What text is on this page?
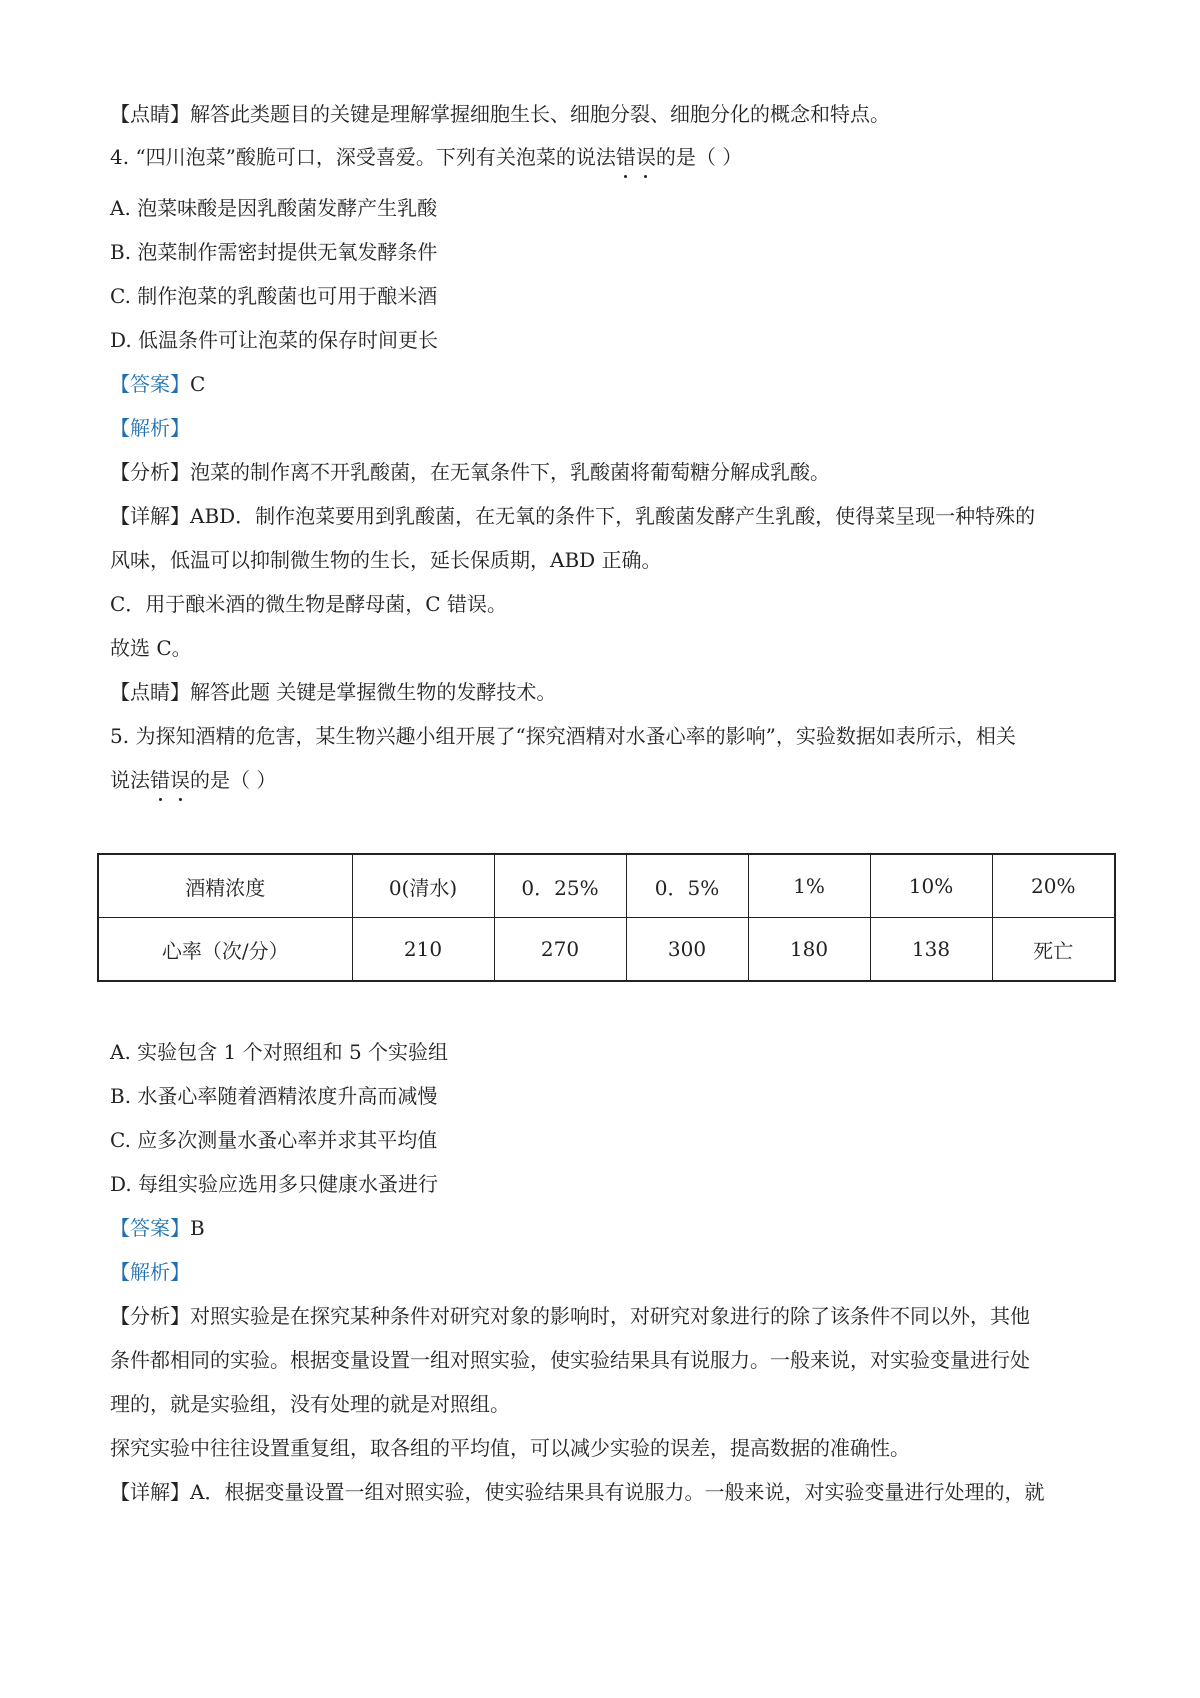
【点睛】解答此类题目的关键是理解掌握细胞生长、细胞分裂、细胞分化的概念和特点。
4. “四川泡菜”酸脆可口，深受喜爱。下列有关泡菜的说法错误的是（ ）
A. 泡菜味酸是因乳酸菌发酵产生乳酸
B. 泡菜制作需密封提供无氧发酵条件
C. 制作泡菜的乳酸菌也可用于酿米酒
D. 低温条件可让泡菜的保存时间更长
【答案】C
【解析】
【分析】泡菜的制作离不开乳酸菌，在无氧条件下，乳酸菌将葡萄糖分解成乳酸。
【详解】ABD．制作泡菜要用到乳酸菌，在无氧的条件下，乳酸菌发酵产生乳酸，使得菜呈现一种特殊的
风味，低温可以抑制微生物的生长，延长保质期，ABD 正确。
C．用于酿米酒的微生物是酵母菌，C 错误。
故选 C。
【点睛】解答此题 关键是掌握微生物的发酵技术。
5. 为探知酒精的危害，某生物兴趣小组开展了“探究酒精对水蚤心率的影响”，实验数据如表所示，相关
说法错误的是（ ）
酒精浓度	0(清水)	0．25%	0．5%	1%	10%	20%
心率（次/分）	210	270	300	180	138	死亡
A. 实验包含 1 个对照组和 5 个实验组
B. 水蚤心率随着酒精浓度升高而减慢
C. 应多次测量水蚤心率并求其平均值
D. 每组实验应选用多只健康水蚤进行
【答案】B
【解析】
【分析】对照实验是在探究某种条件对研究对象的影响时，对研究对象进行的除了该条件不同以外，其他
条件都相同的实验。根据变量设置一组对照实验，使实验结果具有说服力。一般来说，对实验变量进行处
理的，就是实验组，没有处理的就是对照组。
探究实验中往往设置重复组，取各组的平均值，可以减少实验的误差，提高数据的准确性。
【详解】A．根据变量设置一组对照实验，使实验结果具有说服力。一般来说，对实验变量进行处理的，就
